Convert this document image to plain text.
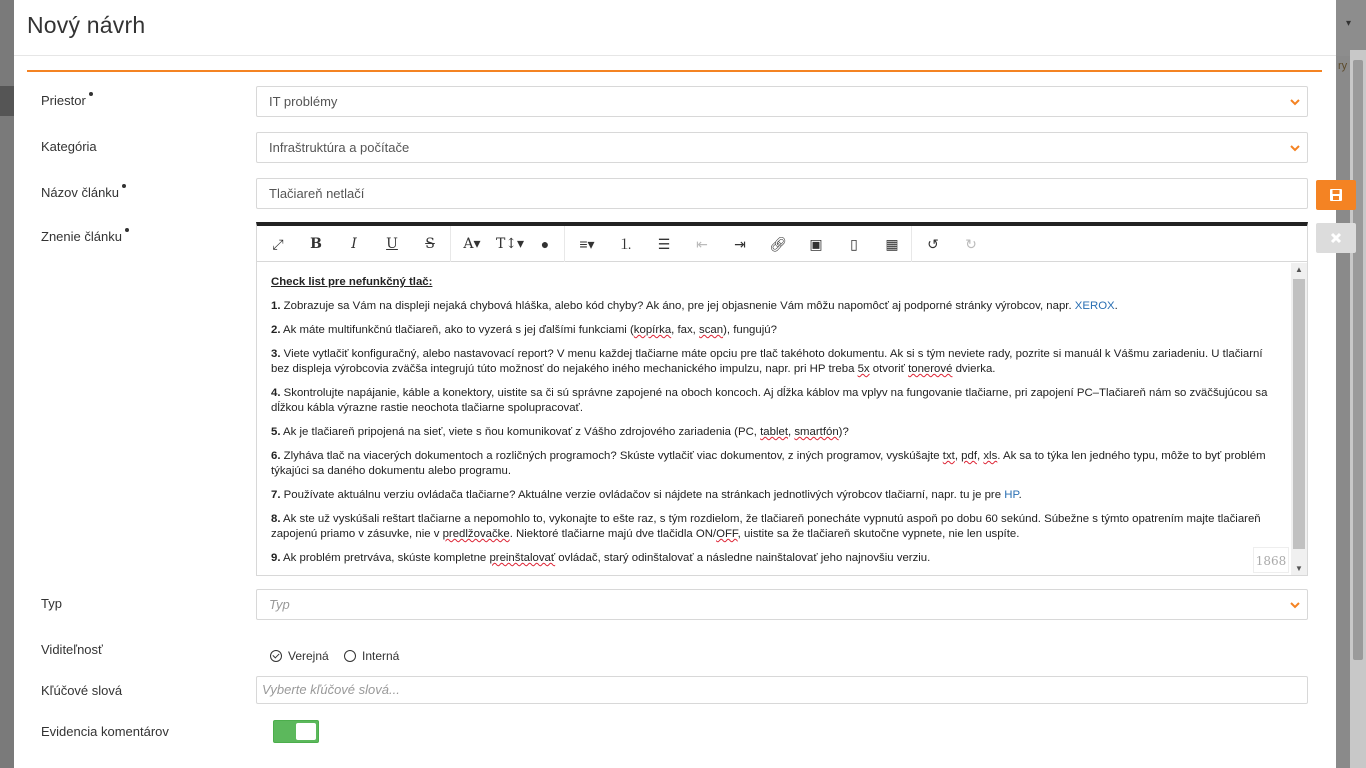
▾
ry
Nový návrh
Priestor	IT problémy
Kategória	Infraštruktúra a počítače
Názov článku	Tlačiareň netlačí
Znenie článku	⤢	B	I	U	S	A▾	T↕▾	●	≡▾	⒈	☰	⇤	⇥	🔗︎	▣	▯	▦	↺	↻

Check list pre nefunkčný tlač:

1. Zobrazuje sa Vám na displeji nejaká chybová hláška, alebo kód chyby? Ak áno, pre jej objasnenie Vám môžu napomôcť aj podporné stránky výrobcov, napr. XEROX.

2. Ak máte multifunkčnú tlačiareň, ako to vyzerá s jej ďalšími funkciami (kopírka, fax, scan), fungujú?

3. Viete vytlačiť konfiguračný, alebo nastavovací report? V menu každej tlačiarne máte opciu pre tlač takéhoto dokumentu. Ak si s tým neviete rady, pozrite si manuál k Vášmu zariadeniu. U tlačiarní bez displeja výrobcovia zväčša integrujú túto možnosť do nejakého iného mechanického impulzu, napr. pri HP treba 5x otvoriť tonerové dvierka.

4. Skontrolujte napájanie, káble a konektory, uistite sa či sú správne zapojené na oboch koncoch. Aj dĺžka káblov ma vplyv na fungovanie tlačiarne, pri zapojení PC–Tlačiareň nám so zväčšujúcou sa dĺžkou kábla výrazne rastie neochota tlačiarne spolupracovať.

5. Ak je tlačiareň pripojená na sieť, viete s ňou komunikovať z Vášho zdrojového zariadenia (PC, tablet, smartfón)?

6. Zlyháva tlač na viacerých dokumentoch a rozličných programoch? Skúste vytlačiť viac dokumentov, z iných programov, vyskúšajte txt, pdf, xls. Ak sa to týka len jedného typu, môže to byť problém týkajúci sa daného dokumentu alebo programu.

7. Používate aktuálnu verziu ovládača tlačiarne? Aktuálne verzie ovládačov si nájdete na stránkach jednotlivých výrobcov tlačiarní, napr. tu je pre HP.

8. Ak ste už vyskúšali reštart tlačiarne a nepomohlo to, vykonajte to ešte raz, s tým rozdielom, že tlačiareň ponecháte vypnutú aspoň po dobu 60 sekúnd. Súbežne s týmto opatrením majte tlačiareň zapojenú priamo v zásuvke, nie v predlžovačke. Niektoré tlačiarne majú dve tlačidla ON/OFF, uistite sa že tlačiareň skutočne vypnete, nie len uspíte.

9. Ak problém pretrváva, skúste kompletne preinštalovať ovládač, starý odinštalovať a následne nainštalovať jeho najnovšiu verziu.

▲
▼
1868
Typ	Typ
Viditeľnosť	Verejná	Interná
Kľúčové slová	Vyberte kľúčové slová...
Evidencia komentárov
